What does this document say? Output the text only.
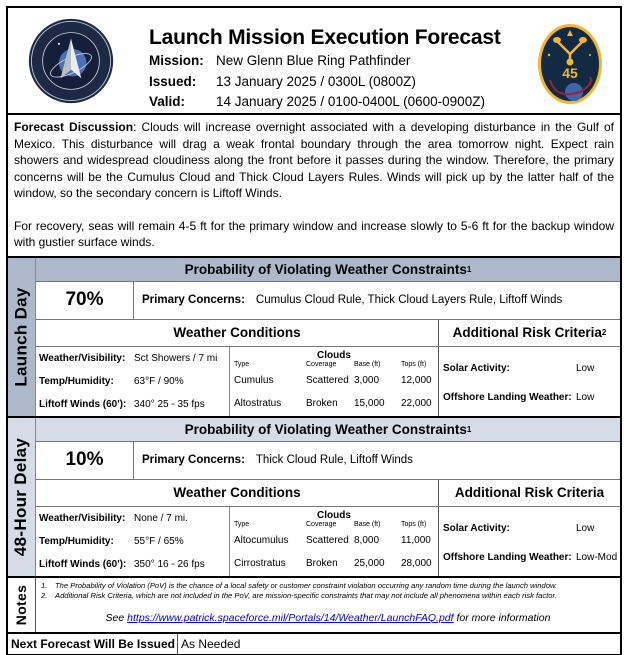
Launch Mission Execution Forecast
Mission: New Glenn Blue Ring Pathfinder
Issued: 13 January 2025 / 0300L (0800Z)
Valid: 14 January 2025 / 0100-0400L (0600-0900Z)
45

Forecast Discussion: Clouds will increase overnight associated with a developing disturbance in the Gulf of Mexico. This disturbance will drag a weak frontal boundary through the area tomorrow night. Expect rain showers and widespread cloudiness along the front before it passes during the window. Therefore, the primary concerns will be the Cumulus Cloud and Thick Cloud Layers Rules. Winds will pick up by the latter half of the window, so the secondary concern is Liftoff Winds.

For recovery, seas will remain 4-5 ft for the primary window and increase slowly to 5-6 ft for the backup window with gustier surface winds.

Launch Day
Probability of Violating Weather Constraints 1
70%	Primary Concerns: Cumulus Cloud Rule, Thick Cloud Layers Rule, Liftoff Winds
Weather Conditions	Additional Risk Criteria 2
Weather/Visibility: Sct Showers / 7 mi
Temp/Humidity:	63°F / 90%
Liftoff Winds (60'): 340° 25 - 35 fps
Clouds
Type	Coverage	Base (ft)	Tops (ft)
Cumulus	Scattered 3,000 12,000
Altostratus Broken 15,000 22,000
Solar Activity:	Low
Offshore Landing Weather: Low
48-Hour Delay
Probability of Violating Weather Constraints 1
10%	Primary Concerns: Thick Cloud Rule, Liftoff Winds
Weather Conditions	Additional Risk Criteria
Weather/Visibility: None / 7 mi.
Temp/Humidity:	55°F / 65%
Liftoff Winds (60'): 350° 16 - 26 fps
Clouds
Type	Coverage	Base (ft)	Tops (ft)
Altocumulus Scattered 8,000 11,000
Cirrostratus Broken 25,000 28,000
Solar Activity:	Low
Offshore Landing Weather: Low-Mod
Notes 1.	The Probability of Violation (PoV) is the chance of a local safety or customer constraint violation occurring any random time during the launch window.
2.	Additional Risk Criteria, which are not included in the PoV, are mission-specific constraints that may not include all phenomena within each risk factor.
See https://www.patrick.spaceforce.mil/Portals/14/Weather/LaunchFAQ.pdf for more information
Next Forecast Will Be Issued As Needed
